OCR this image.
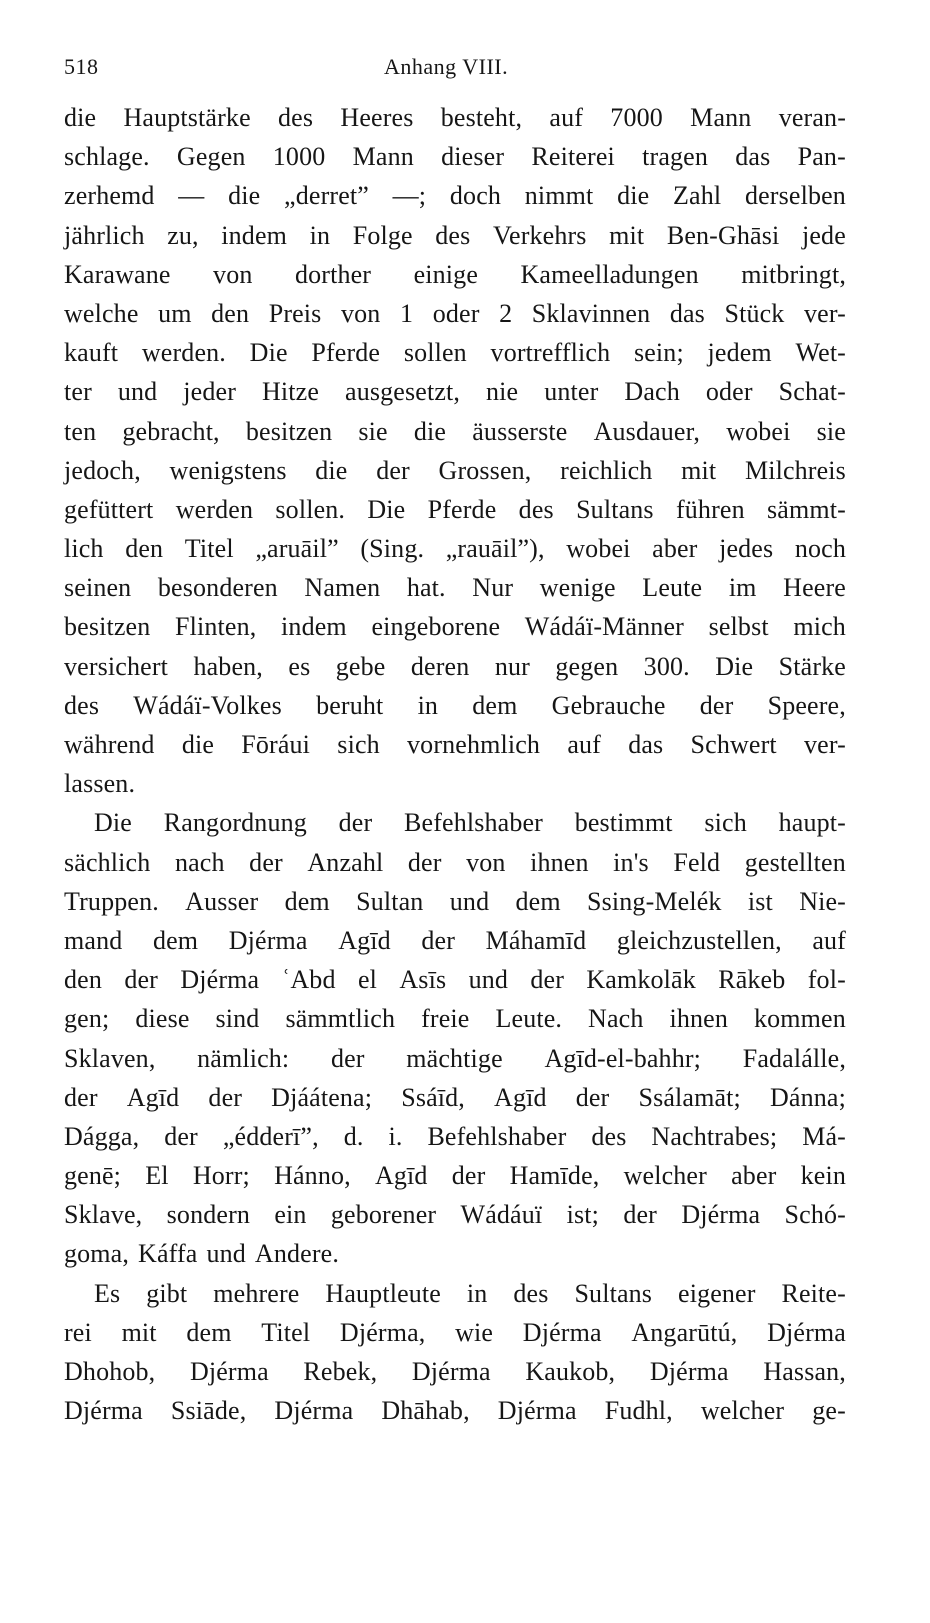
518	Anhang VIII.
die Hauptstärke des Heeres besteht, auf 7000 Mann veran-
schlage. Gegen 1000 Mann dieser Reiterei tragen das Pan-
zerhemd — die „derret” —; doch nimmt die Zahl derselben
jährlich zu, indem in Folge des Verkehrs mit Ben-Ghāsi jede
Karawane von dorther einige Kameelladungen mitbringt,
welche um den Preis von 1 oder 2 Sklavinnen das Stück ver-
kauft werden. Die Pferde sollen vortrefflich sein; jedem Wet-
ter und jeder Hitze ausgesetzt, nie unter Dach oder Schat-
ten gebracht, besitzen sie die äusserste Ausdauer, wobei sie
jedoch, wenigstens die der Grossen, reichlich mit Milchreis
gefüttert werden sollen. Die Pferde des Sultans führen sämmt-
lich den Titel „aruāil” (Sing. „rauāil”), wobei aber jedes noch
seinen besonderen Namen hat. Nur wenige Leute im Heere
besitzen Flinten, indem eingeborene Wádáï-Männer selbst mich
versichert haben, es gebe deren nur gegen 300. Die Stärke
des Wádáï-Volkes beruht in dem Gebrauche der Speere,
während die Fōráui sich vornehmlich auf das Schwert ver-
lassen.
Die Rangordnung der Befehlshaber bestimmt sich haupt-
sächlich nach der Anzahl der von ihnen in's Feld gestellten
Truppen. Ausser dem Sultan und dem Ssing-Melék ist Nie-
mand dem Djérma Agīd der Máhamīd gleichzustellen, auf
den der Djérma ʿAbd el Asīs und der Kamkolāk Rākeb fol-
gen; diese sind sämmtlich freie Leute. Nach ihnen kommen
Sklaven, nämlich: der mächtige Agīd-el-bahhr; Fadalálle,
der Agīd der Djáátena; Ssáīd, Agīd der Ssálamāt; Dánna;
Dágga, der „édderī”, d. i. Befehlshaber des Nachtrabes; Má-
genē; El Horr; Hánno, Agīd der Hamīde, welcher aber kein
Sklave, sondern ein geborener Wádáuï ist; der Djérma Schó-
goma, Káffa und Andere.
Es gibt mehrere Hauptleute in des Sultans eigener Reite-
rei mit dem Titel Djérma, wie Djérma Angarūtú, Djérma
Dhohob, Djérma Rebek, Djérma Kaukob, Djérma Hassan,
Djérma Ssiāde, Djérma Dhāhab, Djérma Fudhl, welcher ge-
